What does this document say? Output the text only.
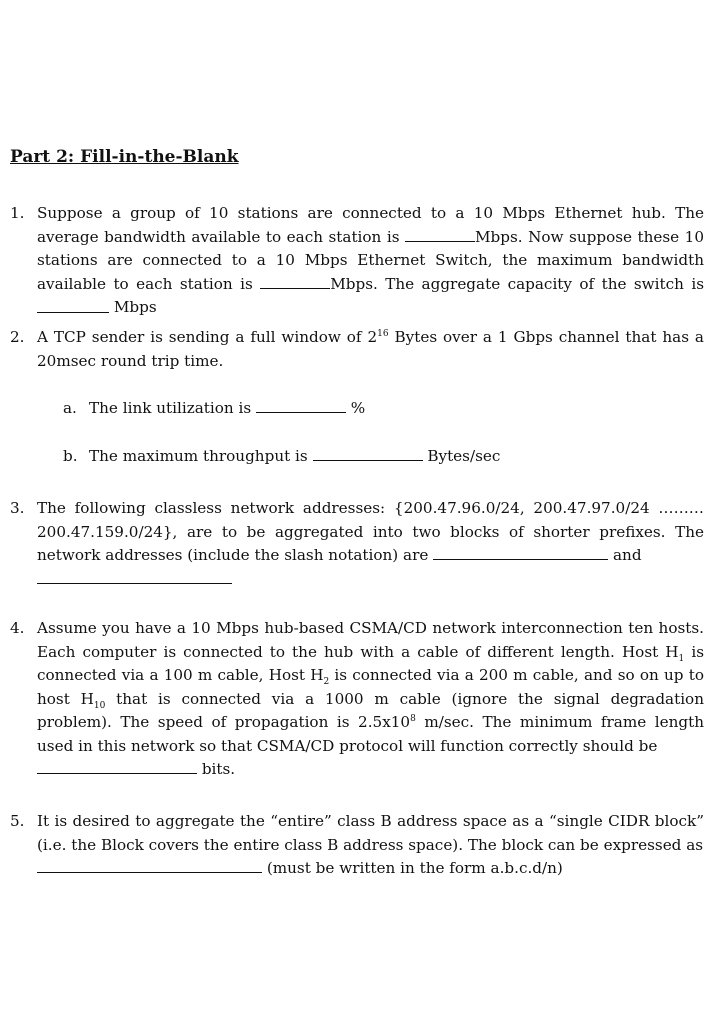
Part 2: Fill-in-the-Blank
1. Suppose a group of 10 stations are connected to a 10 Mbps Ethernet hub. The average bandwidth available to each station is	Mbps. Now suppose these 10 stations are connected to a 10 Mbps Ethernet Switch, the maximum bandwidth available to each station is	Mbps. The aggregate capacity of the switch is  Mbps
2. A TCP sender is sending a full window of $2^{16}$ Bytes over a 1 Gbps channel that has a 20msec round trip time.
a. The link utilization is	%
b. The maximum throughput is	Bytes/sec
3. The following classless network addresses: {200.47.96.0/24, 200.47.97.0/24 ……… 200.47.159.0/24}, are to be aggregated into two blocks of shorter prefixes. The network addresses (include the slash notation) are	and

4. Assume you have a 10 Mbps hub-based CSMA/CD network interconnection ten hosts. Each computer is connected to the hub with a cable of different length. Host $H_1$ is connected via a 100 m cable, Host $H_2$ is connected via a 200 m cable, and so on up to host $H_{10}$ that is connected via a 1000 m cable (ignore the signal degradation problem). The speed of propagation is $2.5x10^8$ m/sec. The minimum frame length used in this network so that CSMA/CD protocol will function correctly should be
bits.
5. It is desired to aggregate the “entire” class B address space as a “single CIDR block” (i.e. the Block covers the entire class B address space). The block can be expressed as
(must be written in the form a.b.c.d/n)
